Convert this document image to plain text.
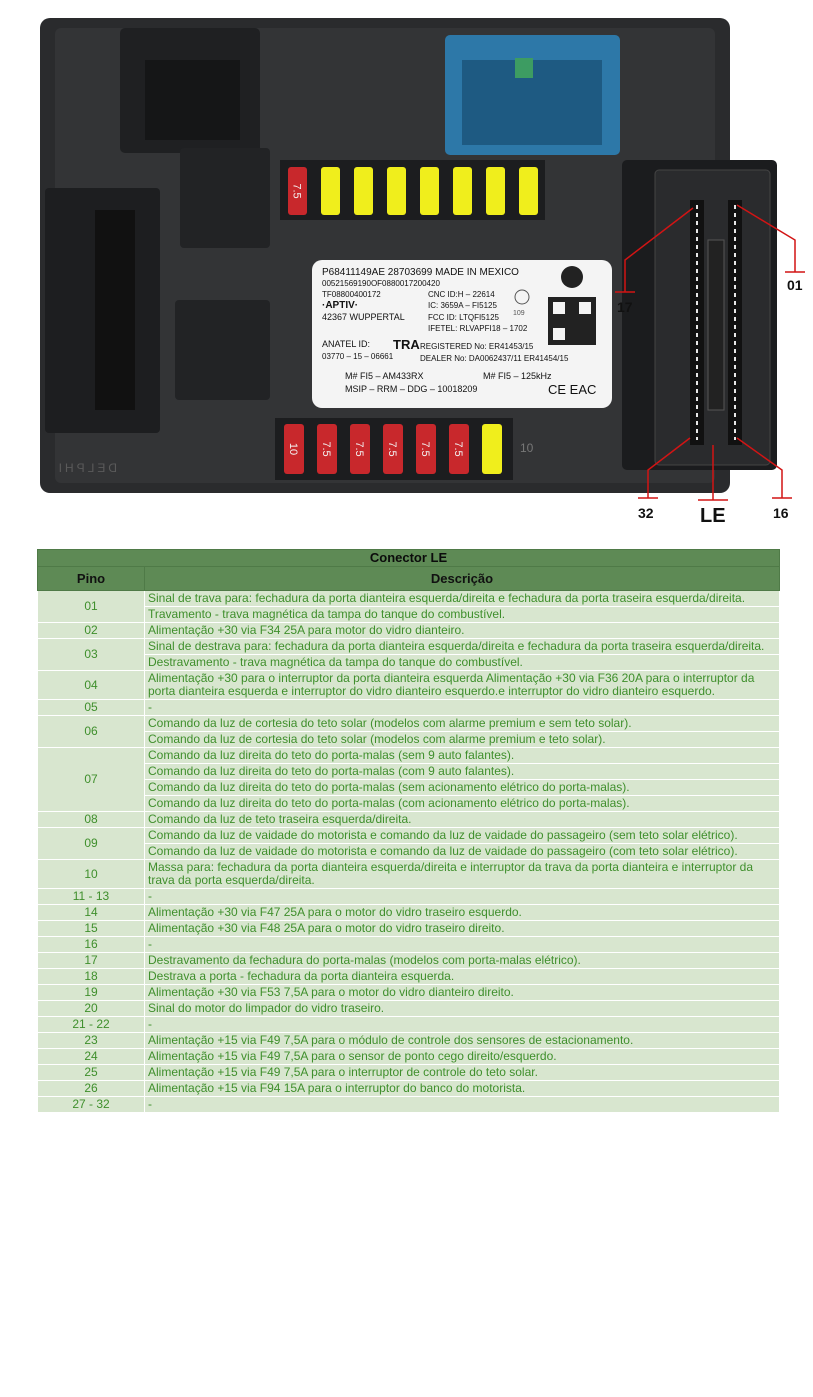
7.5
10 7.5 7.5 7.5 7.5 7.5	10
DELPHI
P68411149AE 28703699 MADE IN MEXICO
00521569190OF0880017200420
TF08800400172
·APTIV·
42367 WUPPERTAL
CNC ID:H – 22614
IC: 3659A – FI5125
FCC ID: LTQFI5125
IFETEL: RLVAPFI18 – 1702
109
ANATEL ID: TRA REGISTERED No: ER41453/15
03770 – 15 – 06661	DEALER No: DA0062437/11 ER41454/15
M# FI5 – AM433RX	M# FI5 – 125kHz
MSIP – RRM – DDG – 10018209	CE EAC
01
17
32	16
LE
Conector LE	
Pino	Descrição
01	Sinal de trava para: fechadura da porta dianteira esquerda/direita e fechadura da porta traseira esquerda/direita.
	Travamento - trava magnética da tampa do tanque do combustível.
02	Alimentação +30 via F34 25A para motor do vidro dianteiro.
03	Sinal de destrava para: fechadura da porta dianteira esquerda/direita e fechadura da porta traseira esquerda/direita.
	Destravamento - trava magnética da tampa do tanque do combustível.
04	Alimentação +30 para o interruptor da porta dianteira esquerda Alimentação +30 via F36 20A para o interruptor da porta dianteira esquerda e interruptor do vidro dianteiro esquerdo.e interruptor do vidro dianteiro esquerdo.
05	-
06	Comando da luz de cortesia do teto solar (modelos com alarme premium e sem teto solar).
	Comando da luz de cortesia do teto solar (modelos com alarme premium e teto solar).
07	Comando da luz direita do teto do porta-malas (sem 9 auto falantes).
	Comando da luz direita do teto do porta-malas (com 9 auto falantes).
	Comando da luz direita do teto do porta-malas (sem acionamento elétrico do porta-malas).
	Comando da luz direita do teto do porta-malas (com acionamento elétrico do porta-malas).
08	Comando da luz de teto traseira esquerda/direita.
09	Comando da luz de vaidade do motorista e comando da luz de vaidade do passageiro (sem teto solar elétrico).
	Comando da luz de vaidade do motorista e comando da luz de vaidade do passageiro (com teto solar elétrico).
10	Massa para: fechadura da porta dianteira esquerda/direita e interruptor da trava da porta dianteira e interruptor da trava da porta esquerda/direita.
11 - 13	-
14	Alimentação +30 via F47 25A para o motor do vidro traseiro esquerdo.
15	Alimentação +30 via F48 25A para o motor do vidro traseiro direito.
16	-
17	Destravamento da fechadura do porta-malas (modelos com porta-malas elétrico).
18	Destrava a porta - fechadura da porta dianteira esquerda.
19	Alimentação +30 via F53 7,5A para o motor do vidro dianteiro direito.
20	Sinal do motor do limpador do vidro traseiro.
21 - 22	-
23	Alimentação +15 via F49 7,5A para o módulo de controle dos sensores de estacionamento.
24	Alimentação +15 via F49 7,5A para o sensor de ponto cego direito/esquerdo.
25	Alimentação +15 via F49 7,5A para o interruptor de controle do teto solar.
26	Alimentação +15 via F94 15A para o interruptor do banco do motorista.
27 - 32	-
